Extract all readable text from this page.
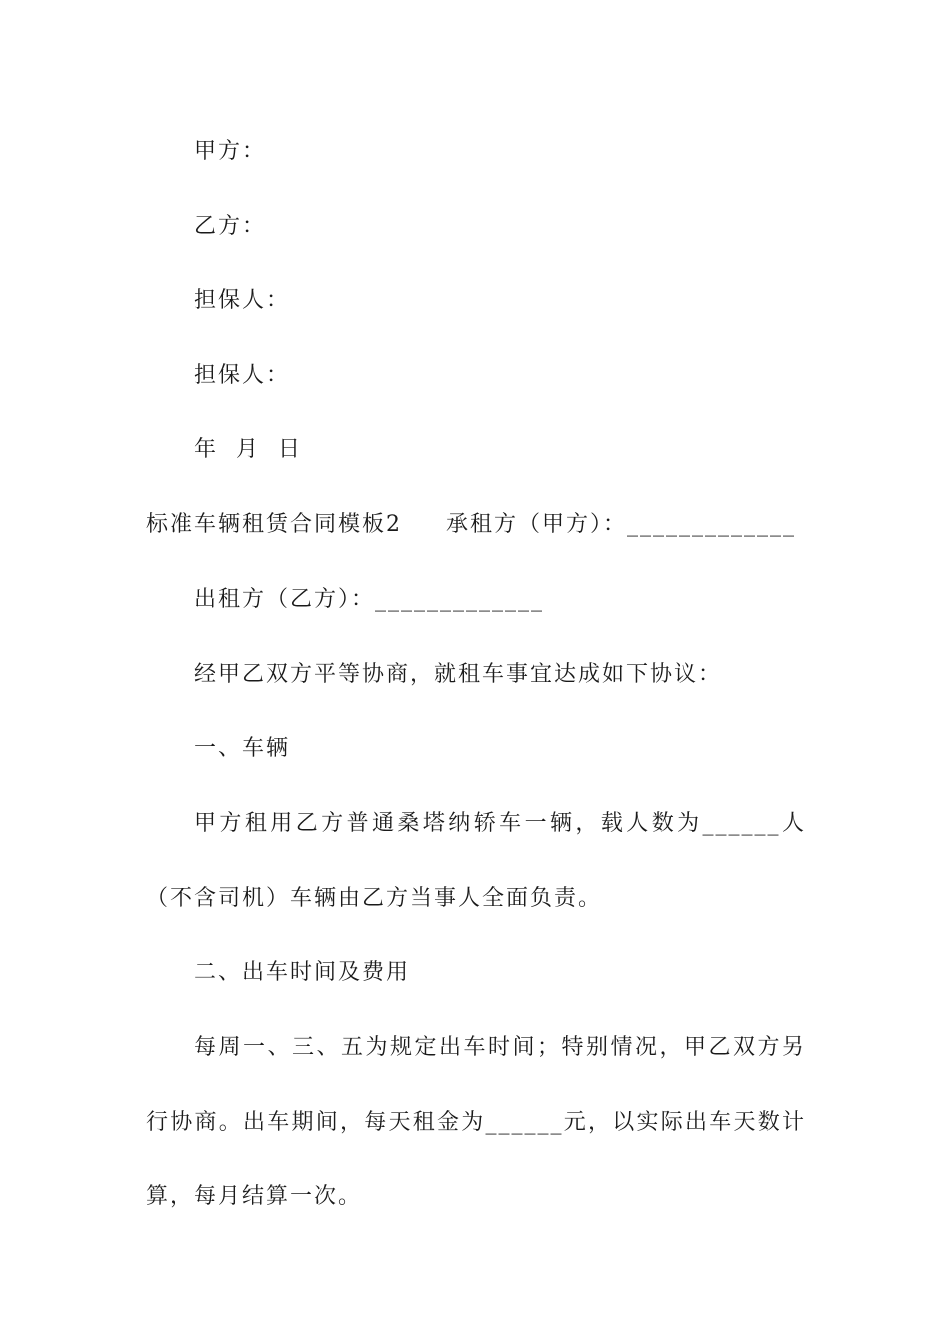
甲方：
乙方：
担保人：
担保人：
年  月  日
标准车辆租赁合同模板2 承租方（甲方）：_____________
出租方（乙方）：_____________
经甲乙双方平等协商，就租车事宜达成如下协议：
一、车辆
甲方租用乙方普通桑塔纳轿车一辆，载人数为______人
（不含司机）车辆由乙方当事人全面负责。
二、出车时间及费用
每周一、三、五为规定出车时间；特别情况，甲乙双方另
行协商。出车期间，每天租金为______元，以实际出车天数计
算，每月结算一次。
